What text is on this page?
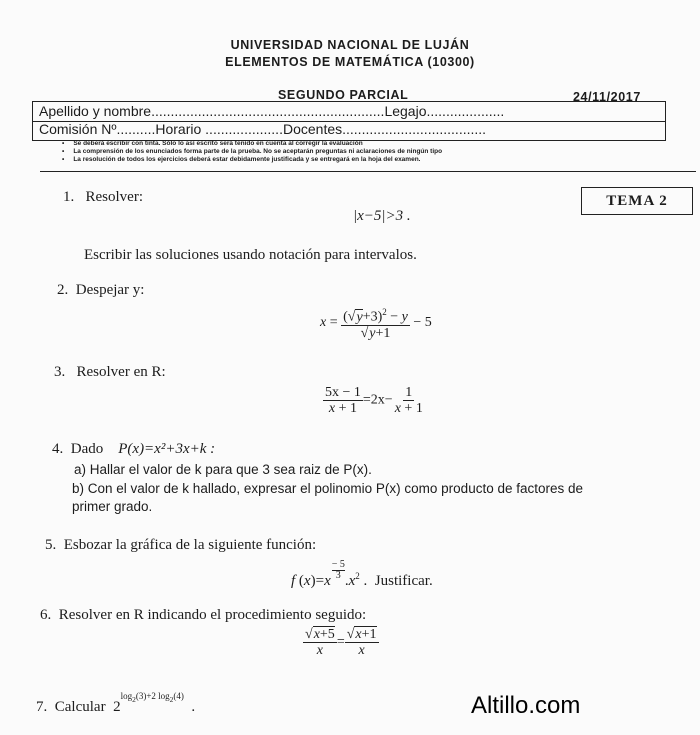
UNIVERSIDAD NACIONAL DE LUJÁN
ELEMENTOS DE MATEMÁTICA (10300)
SEGUNDO PARCIAL	24/11/2017
Apellido y nombre............................................................Legajo....................
Comisión Nº..........Horario ....................Docentes.....................................
•     Se deberá escribir con tinta. Sólo lo así escrito será tenido en cuenta al corregir la evaluación
•     La comprensión de los enunciados forma parte de la prueba. No se aceptarán preguntas ni aclaraciones de ningún tipo
•     La resolución de todos los ejercicios deberá estar debidamente justificada y se entregará en la hoja del examen.
TEMA 2
1. Resolver:
|x−5|>3 .
Escribir las soluciones usando notación para intervalos.
2. Despejar y:
$x = \frac{(√y+3)^2 - y}{√y+1} - 5$
3. Resolver en R:
$\frac{5x - 1}{x + 1} =2x- \frac{1}{x + 1}$
4. Dado P(x)=x²+3x+k :
a) Hallar el valor de k para que 3 sea raiz de P(x).
b) Con el valor de k hallado, expresar el polinomio P(x) como producto de factores de
primer grado.
5. Esbozar la gráfica de la siguiente función:
f $(x)=x \frac{- 5}{3} .x^2$ .  Justificar.
6. Resolver en R indicando el procedimiento seguido:
$\frac{√x+5}{x} = \frac{√x+1}{x}$
7. Calcular  $2^{log_2(3)+2 log_2(4)}$  .	Altillo.com
